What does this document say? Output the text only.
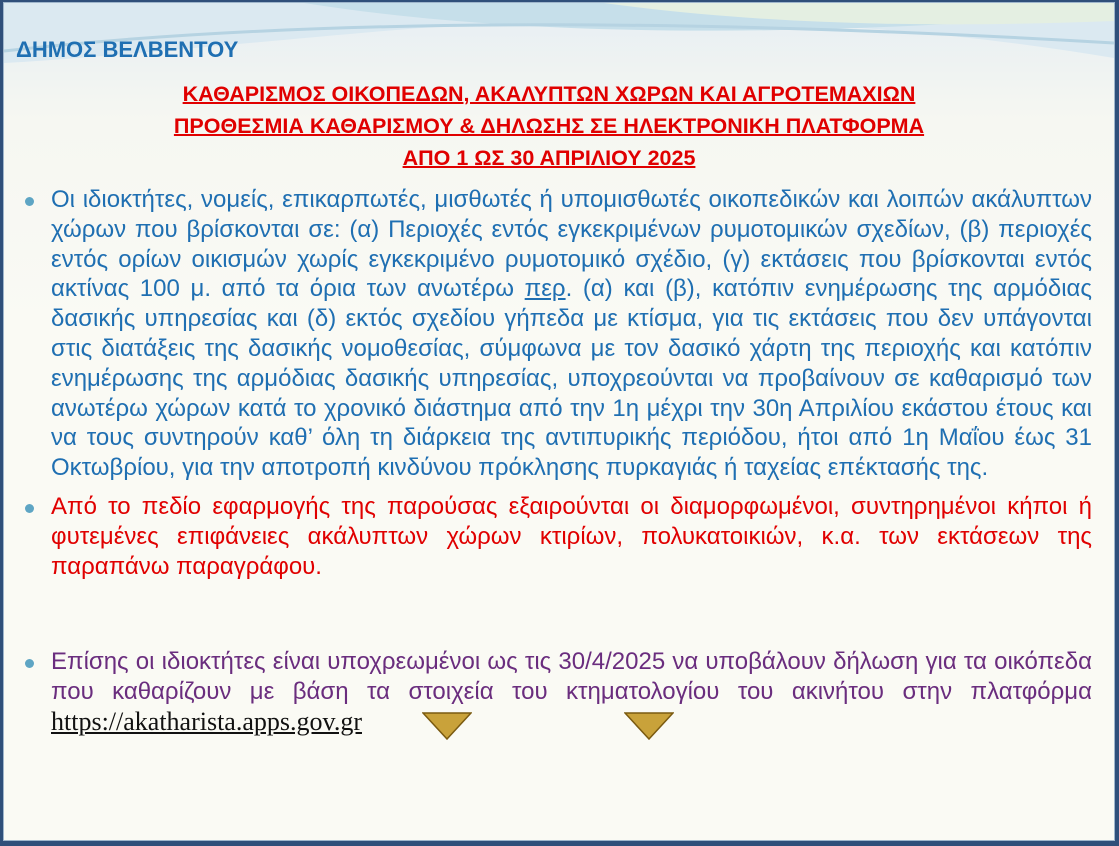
ΔΗΜΟΣ ΒΕΛΒΕΝΤΟΥ
ΚΑΘΑΡΙΣΜΟΣ ΟΙΚΟΠΕΔΩΝ, ΑΚΑΛΥΠΤΩΝ ΧΩΡΩΝ ΚΑΙ ΑΓΡΟΤΕΜΑΧΙΩΝ
ΠΡΟΘΕΣΜΙΑ ΚΑΘΑΡΙΣΜΟΥ & ΔΗΛΩΣΗΣ ΣΕ ΗΛΕΚΤΡΟΝΙΚΗ ΠΛΑΤΦΟΡΜΑ
ΑΠΟ 1 ΩΣ 30 ΑΠΡΙΛΙΟΥ 2025
Οι ιδιοκτήτες, νομείς, επικαρπωτές, μισθωτές ή υπομισθωτές οικοπεδικών και λοιπών ακάλυπτων χώρων που βρίσκονται σε: (α) Περιοχές εντός εγκεκριμένων ρυμοτομικών σχεδίων, (β) περιοχές εντός ορίων οικισμών χωρίς εγκεκριμένο ρυμοτομικό σχέδιο, (γ) εκτάσεις που βρίσκονται εντός ακτίνας 100 μ. από τα όρια των ανωτέρω περ. (α) και (β), κατόπιν ενημέρωσης της αρμόδιας δασικής υπηρεσίας και (δ) εκτός σχεδίου γήπεδα με κτίσμα, για τις εκτάσεις που δεν υπάγονται στις διατάξεις της δασικής νομοθεσίας, σύμφωνα με τον δασικό χάρτη της περιοχής και κατόπιν ενημέρωσης της αρμόδιας δασικής υπηρεσίας, υποχρεούνται να προβαίνουν σε καθαρισμό των ανωτέρω χώρων κατά το χρονικό διάστημα από την 1η μέχρι την 30η Απριλίου εκάστου έτους και να τους συντηρούν καθ’ όλη τη διάρκεια της αντιπυρικής περιόδου, ήτοι από 1η Μαΐου έως 31 Οκτωβρίου, για την αποτροπή κινδύνου πρόκλησης πυρκαγιάς ή ταχείας επέκτασής της.
Από το πεδίο εφαρμογής της παρούσας εξαιρούνται οι διαμορφωμένοι, συντηρημένοι κήποι ή φυτεμένες επιφάνειες ακάλυπτων χώρων κτιρίων, πολυκατοικιών, κ.α. των εκτάσεων της παραπάνω παραγράφου.
Επίσης οι ιδιοκτήτες είναι υποχρεωμένοι ως τις 30/4/2025 να υποβάλουν δήλωση για τα οικόπεδα που καθαρίζουν με βάση τα στοιχεία του κτηματολογίου του ακινήτου στην πλατφόρμα https://akatharista.apps.gov.gr
